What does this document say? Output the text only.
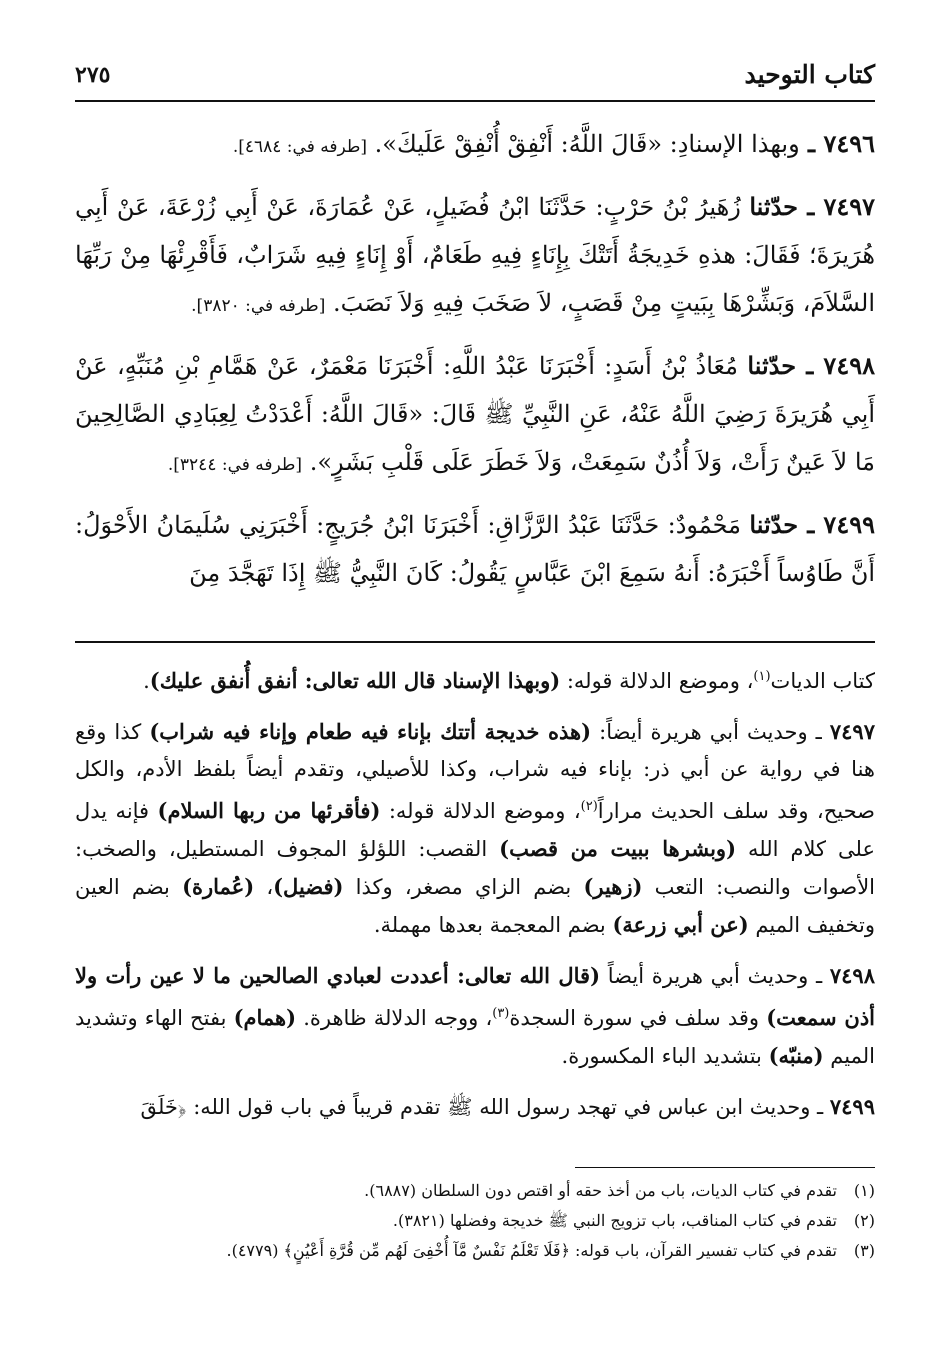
كتاب التوحيد
٢٧٥

٧٤٩٦ ـ وبهذا الإسنادِ: «قَالَ اللَّهُ: أَنْفِقْ أُنْفِقْ عَلَيكَ». [طرفه في: ٤٦٨٤].

٧٤٩٧ ـ حدّثنا زُهَيرُ بْنُ حَرْبٍ: حَدَّثَنَا ابْنُ فُضَيلٍ، عَنْ عُمَارَةَ، عَنْ أَبِي زُرْعَةَ، عَنْ أَبِي هُرَيرَةَ؛ فَقَالَ: هذهِ خَدِيجَةُ أَتَتْكَ بِإِنَاءٍ فِيهِ طَعَامٌ، أَوْ إِنَاءٍ فِيهِ شَرَابٌ، فَأَقْرِئْهَا مِنْ رَبِّهَا السَّلاَمَ، وَبَشِّرْهَا بِبَيتٍ مِنْ قَصَبٍ، لاَ صَخَبَ فِيهِ وَلاَ نَصَبَ. [طرفه في: ٣٨٢٠].

٧٤٩٨ ـ حدّثنا مُعَاذُ بْنُ أَسَدٍ: أَخْبَرَنَا عَبْدُ اللَّهِ: أَخْبَرَنَا مَعْمَرٌ، عَنْ هَمَّامِ بْنِ مُنَبِّهٍ، عَنْ أَبِي هُرَيرَةَ رَضِيَ اللَّهُ عَنْهُ، عَنِ النَّبِيِّ ﷺ قَالَ: «قَالَ اللَّهُ: أَعْدَدْتُ لِعِبَادِي الصَّالِحِينَ مَا لاَ عَينٌ رَأَتْ، وَلاَ أُذُنٌ سَمِعَتْ، وَلاَ خَطَرَ عَلَى قَلْبِ بَشَرٍ». [طرفه في: ٣٢٤٤].

٧٤٩٩ ـ حدّثنا مَحْمُودٌ: حَدَّثَنَا عَبْدُ الرَّزَّاقِ: أَخْبَرَنَا ابْنُ جُرَيجٍ: أَخْبَرَنِي سُلَيمَانُ الأَحْوَلُ: أَنَّ طَاوُساً أَخْبَرَهُ: أَنهُ سَمِعَ ابْنَ عَبَّاسٍ يَقُولُ: كَانَ النَّبِيُّ ﷺ إِذَا تَهَجَّدَ مِنَ

كتاب الديات$^{(١)}$، وموضع الدلالة قوله: (وبهذا الإسناد قال الله تعالى: أنفق أُنفق عليك).

٧٤٩٧ ـ وحديث أبي هريرة أيضاً: (هذه خديجة أتتك بإناء فيه طعام وإناء فيه شراب) كذا وقع هنا في رواية عن أبي ذر: بإناء فيه شراب، وكذا للأصيلي، وتقدم أيضاً بلفظ الأدم، والكل صحيح، وقد سلف الحديث مراراً$^{(٢)}$، وموضع الدلالة قوله: (فأقرئها من ربها السلام) فإنه يدل على كلام الله (وبشرها ببيت من قصب) القصب: اللؤلؤ المجوف المستطيل، والصخب: الأصوات والنصب: التعب (زهير) بضم الزاي مصغر، وكذا (فضيل)، (عُمارة) بضم العين وتخفيف الميم (عن أبي زرعة) بضم المعجمة بعدها مهملة.

٧٤٩٨ ـ وحديث أبي هريرة أيضاً (قال الله تعالى: أعددت لعبادي الصالحين ما لا عين رأت ولا أذن سمعت) وقد سلف في سورة السجدة$^{(٣)}$، ووجه الدلالة ظاهرة. (همام) بفتح الهاء وتشديد الميم (منبّه) بتشديد الباء المكسورة.

٧٤٩٩ ـ وحديث ابن عباس في تهجد رسول الله ﷺ تقدم قريباً في باب قول الله: ﴿خَلَقَ

(١)تقدم في كتاب الديات، باب من أخذ حقه أو اقتص دون السلطان (٦٨٨٧).

(٢)تقدم في كتاب المناقب، باب تزويج النبي ﷺ خديجة وفضلها (٣٨٢١).

(٣)تقدم في كتاب تفسير القرآن، باب قوله: ﴿فَلَا تَعْلَمُ نَفْسٌ مَّآ أُخْفِىَ لَهُم مِّن قُرَّةِ أَعْيُنٍ﴾ (٤٧٧٩).
